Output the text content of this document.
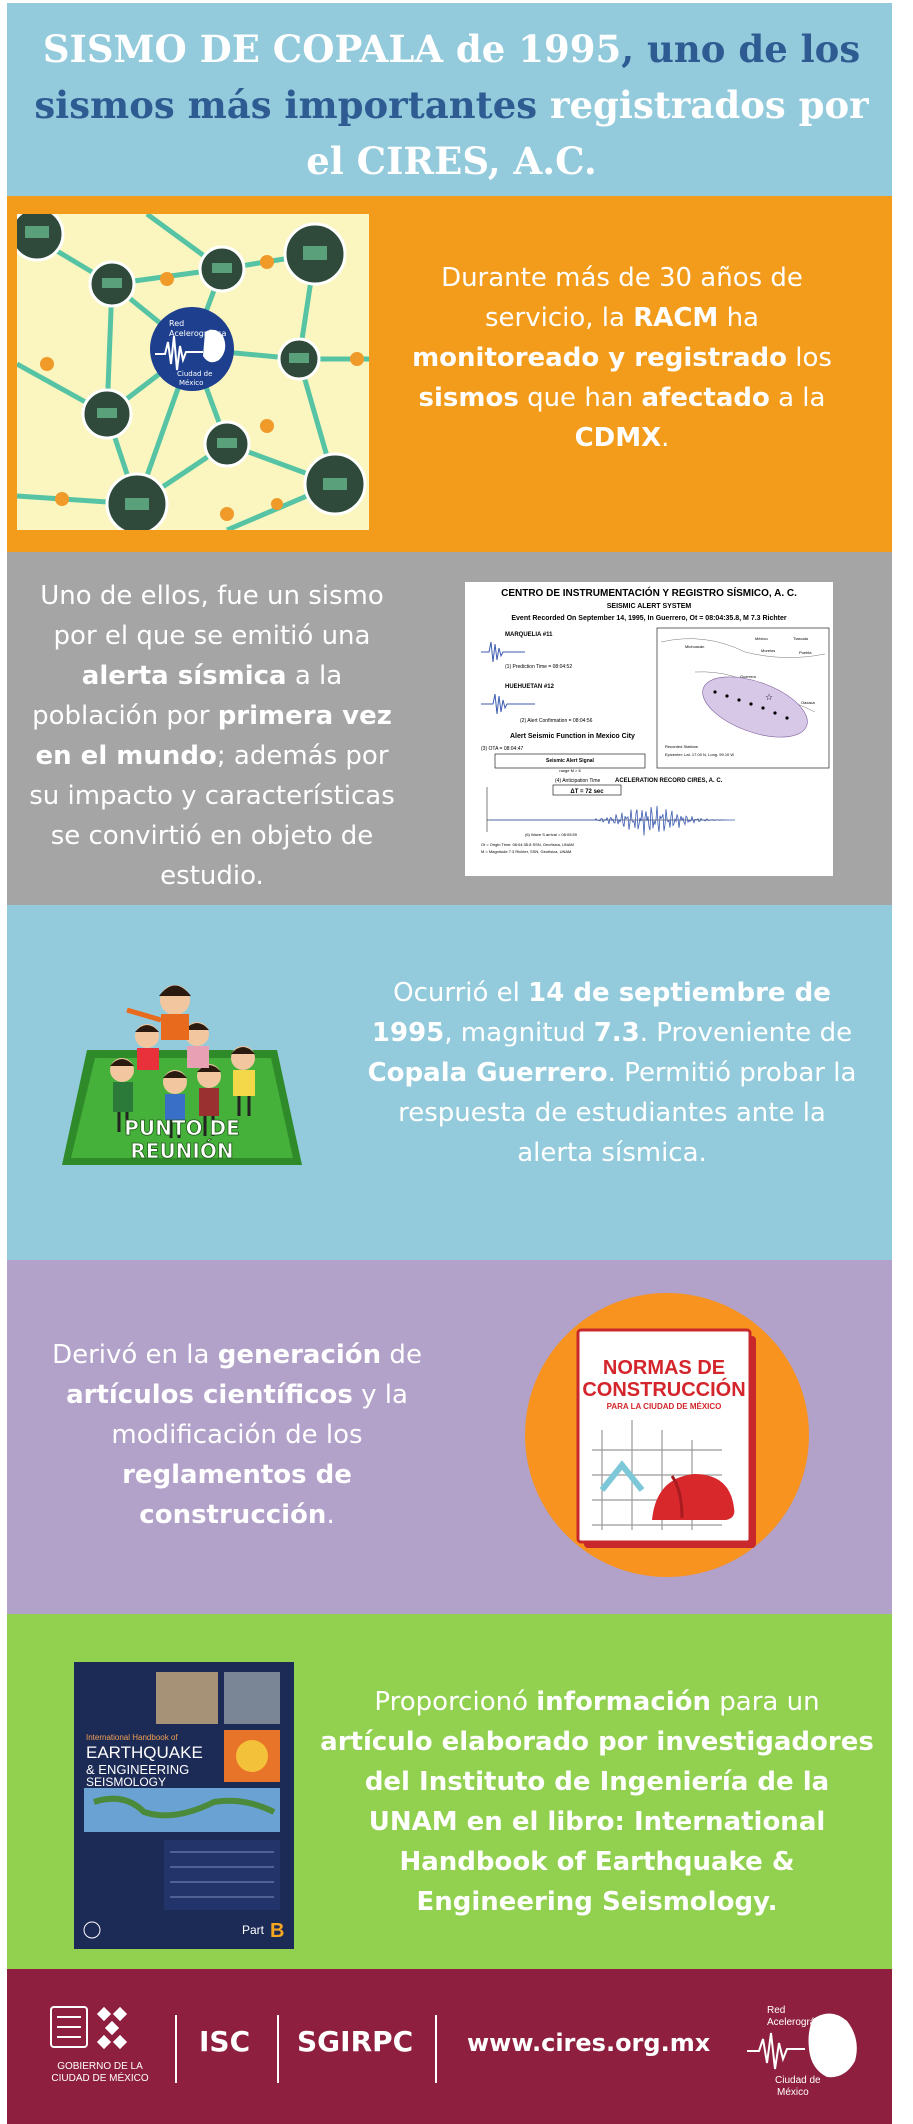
SISMO DE COPALA de 1995, uno de los sismos más importantes registrados por el CIRES, A.C.
Red
Acelerográfica
Ciudad de
México
Durante más de 30 años de servicio, la RACM ha monitoreado y registrado los sismos que han afectado a la CDMX.
Uno de ellos, fue un sismo por el que se emitió una alerta sísmica a la población por primera vez en el mundo; además por su impacto y características se convirtió en objeto de estudio.
CENTRO DE INSTRUMENTACIÓN Y REGISTRO SÍSMICO, A. C.
SEISMIC ALERT SYSTEM
Event Recorded On September 14, 1995, In Guerrero, Ot = 08:04:35.8, M 7.3 Richter
MARQUELIA #11
(1) Prediction Time = 08:04:52
HUEHUETAN #12
(2) Alert Confirmation = 08:04:56
Alert Seismic Function in Mexico City
(3) OTA = 08:04:47
Seismic Alert Signal
range M > 6
(4) Anticipation Time
ΔT = 72 sec
ACELERATION RECORD CIRES, A. C.
(6) Wave S arrival = 08:05:59
Ot = Origin Time: 08:04:35.8 SSN, Geofísica, UNAM
M = Magnitude 7.3 Richter, SSN, Geofísica, UNAM
☆
Michoacán
México	Tlaxcala
Morelos	Puebla
Guerrero
Oaxaca
Recorded Stations
Epicenter: Lat. 17.00 N, Long. 99.10 W
PUNTO DE
REUNIÓN
Ocurrió el 14 de septiembre de 1995, magnitud 7.3. Proveniente de Copala Guerrero. Permitió probar la respuesta de estudiantes ante la alerta sísmica.
Derivó en la generación de artículos científicos y la modificación de los reglamentos de construcción.
NORMAS DE
CONSTRUCCIÓN
PARA LA CIUDAD DE MÉXICO
International Handbook of
EARTHQUAKE
& ENGINEERING
SEISMOLOGY
Part B
Proporcionó información para un artículo elaborado por investigadores del Instituto de Ingeniería de la UNAM en el libro: International Handbook of Earthquake & Engineering Seismology.
GOBIERNO DE LA
CIUDAD DE MÉXICO
ISC SGIRPC www.cires.org.mx
Red
Acelerográfica
Ciudad de
México
